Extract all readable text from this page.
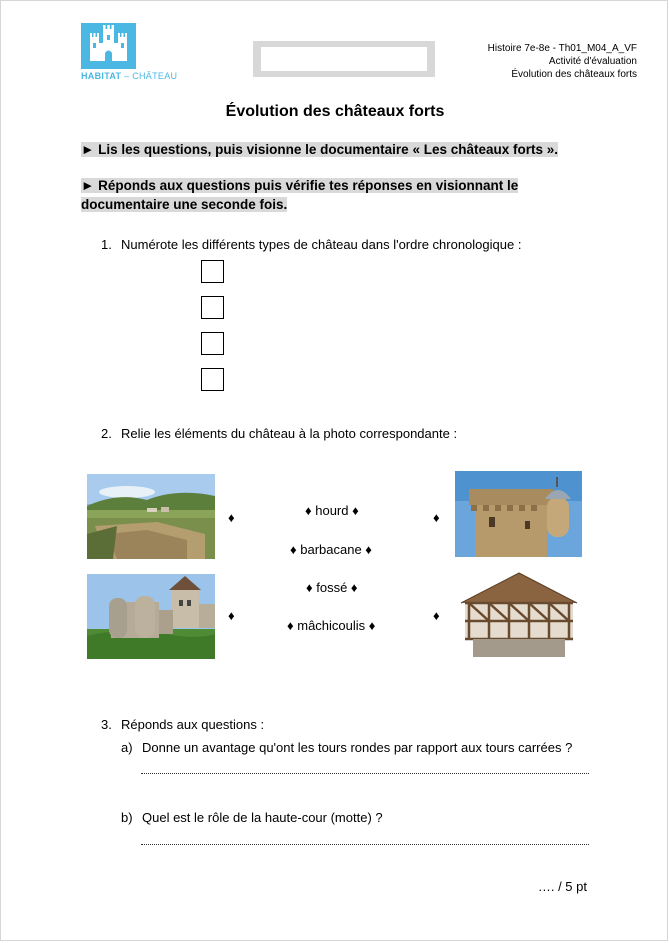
HABITAT – CHÂTEAU
Histoire 7e-8e - Th01_M04_A_VF
Activité d'évaluation
Évolution des châteaux forts
Évolution des châteaux forts
► Lis les questions, puis visionne le documentaire « Les châteaux forts ».
► Réponds aux questions puis vérifie tes réponses en visionnant le documentaire une seconde fois.
1. Numérote les différents types de château dans l'ordre chronologique :
2. Relie les éléments du château à la photo correspondante :
♦
♦
♦ hourd ♦
♦ barbacane ♦
♦ fossé ♦
♦ mâchicoulis ♦
♦
♦
3. Réponds aux questions :
a) Donne un avantage qu'ont les tours rondes par rapport aux tours carrées ?
b) Quel est le rôle de la haute-cour (motte) ?
…. / 5 pt
